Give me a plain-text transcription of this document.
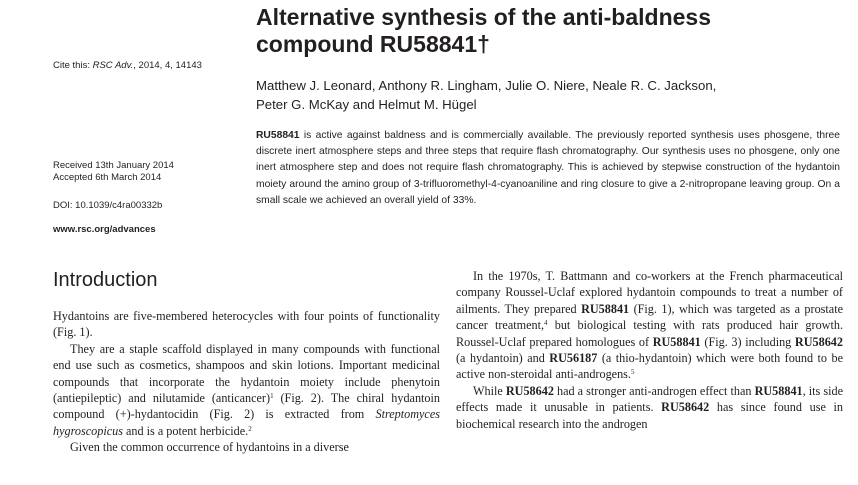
Cite this: RSC Adv., 2014, 4, 14143
Received 13th January 2014
Accepted 6th March 2014
DOI: 10.1039/c4ra00332b
www.rsc.org/advances
Alternative synthesis of the anti-baldness
compound RU58841†
Matthew J. Leonard, Anthony R. Lingham, Julie O. Niere, Neale R. C. Jackson,
Peter G. McKay and Helmut M. Hügel
RU58841 is active against baldness and is commercially available. The previously reported synthesis uses phosgene, three discrete inert atmosphere steps and three steps that require flash chromatography. Our synthesis uses no phosgene, only one inert atmosphere step and does not require flash chromatography. This is achieved by stepwise construction of the hydantoin moiety around the amino group of 3-trifluoromethyl-4-cyanoaniline and ring closure to give a 2-nitropropane leaving group. On a small scale we achieved an overall yield of 33%.
Introduction

Hydantoins are five-membered heterocycles with four points of functionality (Fig. 1).

They are a staple scaffold displayed in many compounds with functional end use such as cosmetics, shampoos and skin lotions. Important medicinal compounds that incorporate the hydantoin moiety include phenytoin (antiepileptic) and nilutamide (anticancer)$^1$ (Fig. 2). The chiral hydantoin compound (+)-hydantocidin (Fig. 2) is extracted from Streptomyces hygroscopicus and is a potent herbicide.$^2$

Given the common occurrence of hydantoins in a diverse

In the 1970s, T. Battmann and co-workers at the French pharmaceutical company Roussel-Uclaf explored hydantoin compounds to treat a number of ailments. They prepared RU58841 (Fig. 1), which was targeted as a prostate cancer treatment,$^4$ but biological testing with rats produced hair growth. Roussel-Uclaf prepared homologues of RU58841 (Fig. 3) including RU58642 (a hydantoin) and RU56187 (a thio-hydantoin) which were both found to be active non-steroidal anti-androgens.$^5$

While RU58642 had a stronger anti-androgen effect than RU58841, its side effects made it unusable in patients. RU58642 has since found use in biochemical research into the androgen
